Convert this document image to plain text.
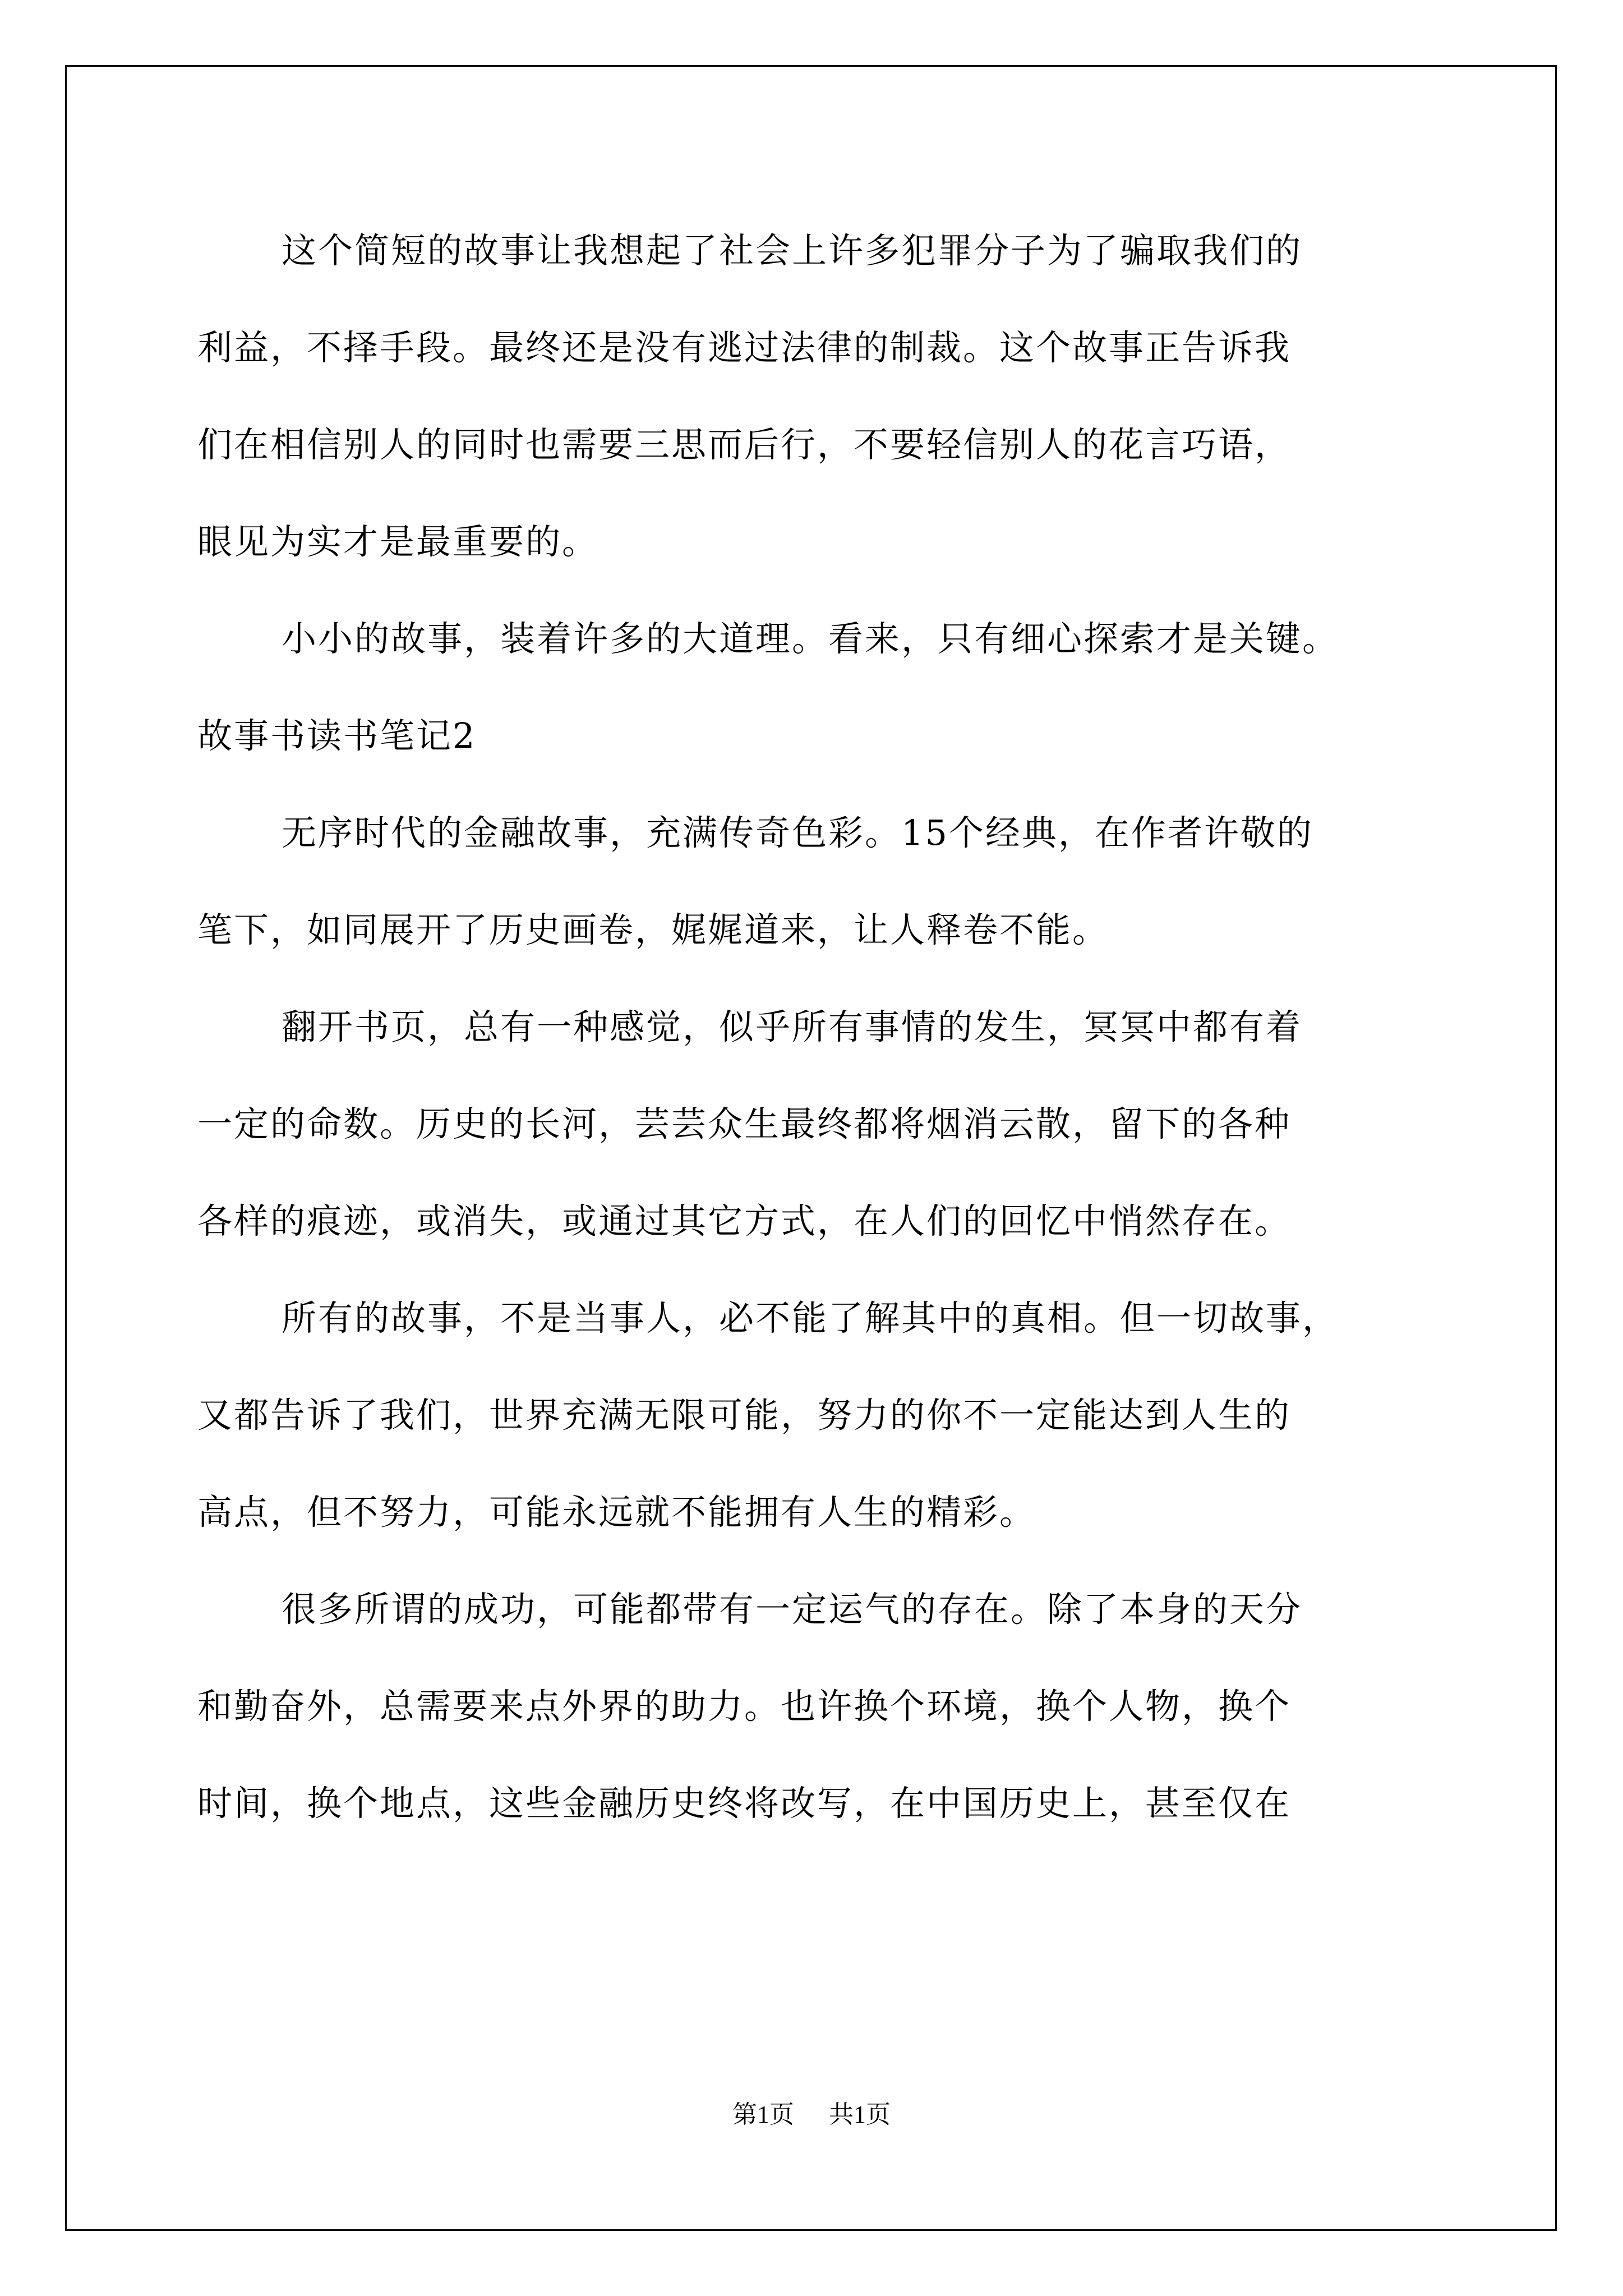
这个简短的故事让我想起了社会上许多犯罪分子为了骗取我们的
利益，不择手段。最终还是没有逃过法律的制裁。这个故事正告诉我
们在相信别人的同时也需要三思而后行，不要轻信别人的花言巧语，
眼见为实才是最重要的。
小小的故事，装着许多的大道理。看来，只有细心探索才是关键。
故事书读书笔记2
无序时代的金融故事，充满传奇色彩。15个经典，在作者许敬的
笔下，如同展开了历史画卷，娓娓道来，让人释卷不能。
翻开书页，总有一种感觉，似乎所有事情的发生，冥冥中都有着
一定的命数。历史的长河，芸芸众生最终都将烟消云散，留下的各种
各样的痕迹，或消失，或通过其它方式，在人们的回忆中悄然存在。
所有的故事，不是当事人，必不能了解其中的真相。但一切故事，
又都告诉了我们，世界充满无限可能，努力的你不一定能达到人生的
高点，但不努力，可能永远就不能拥有人生的精彩。
很多所谓的成功，可能都带有一定运气的存在。除了本身的天分
和勤奋外，总需要来点外界的助力。也许换个环境，换个人物，换个
时间，换个地点，这些金融历史终将改写，在中国历史上，甚至仅在
第1页 共1页
